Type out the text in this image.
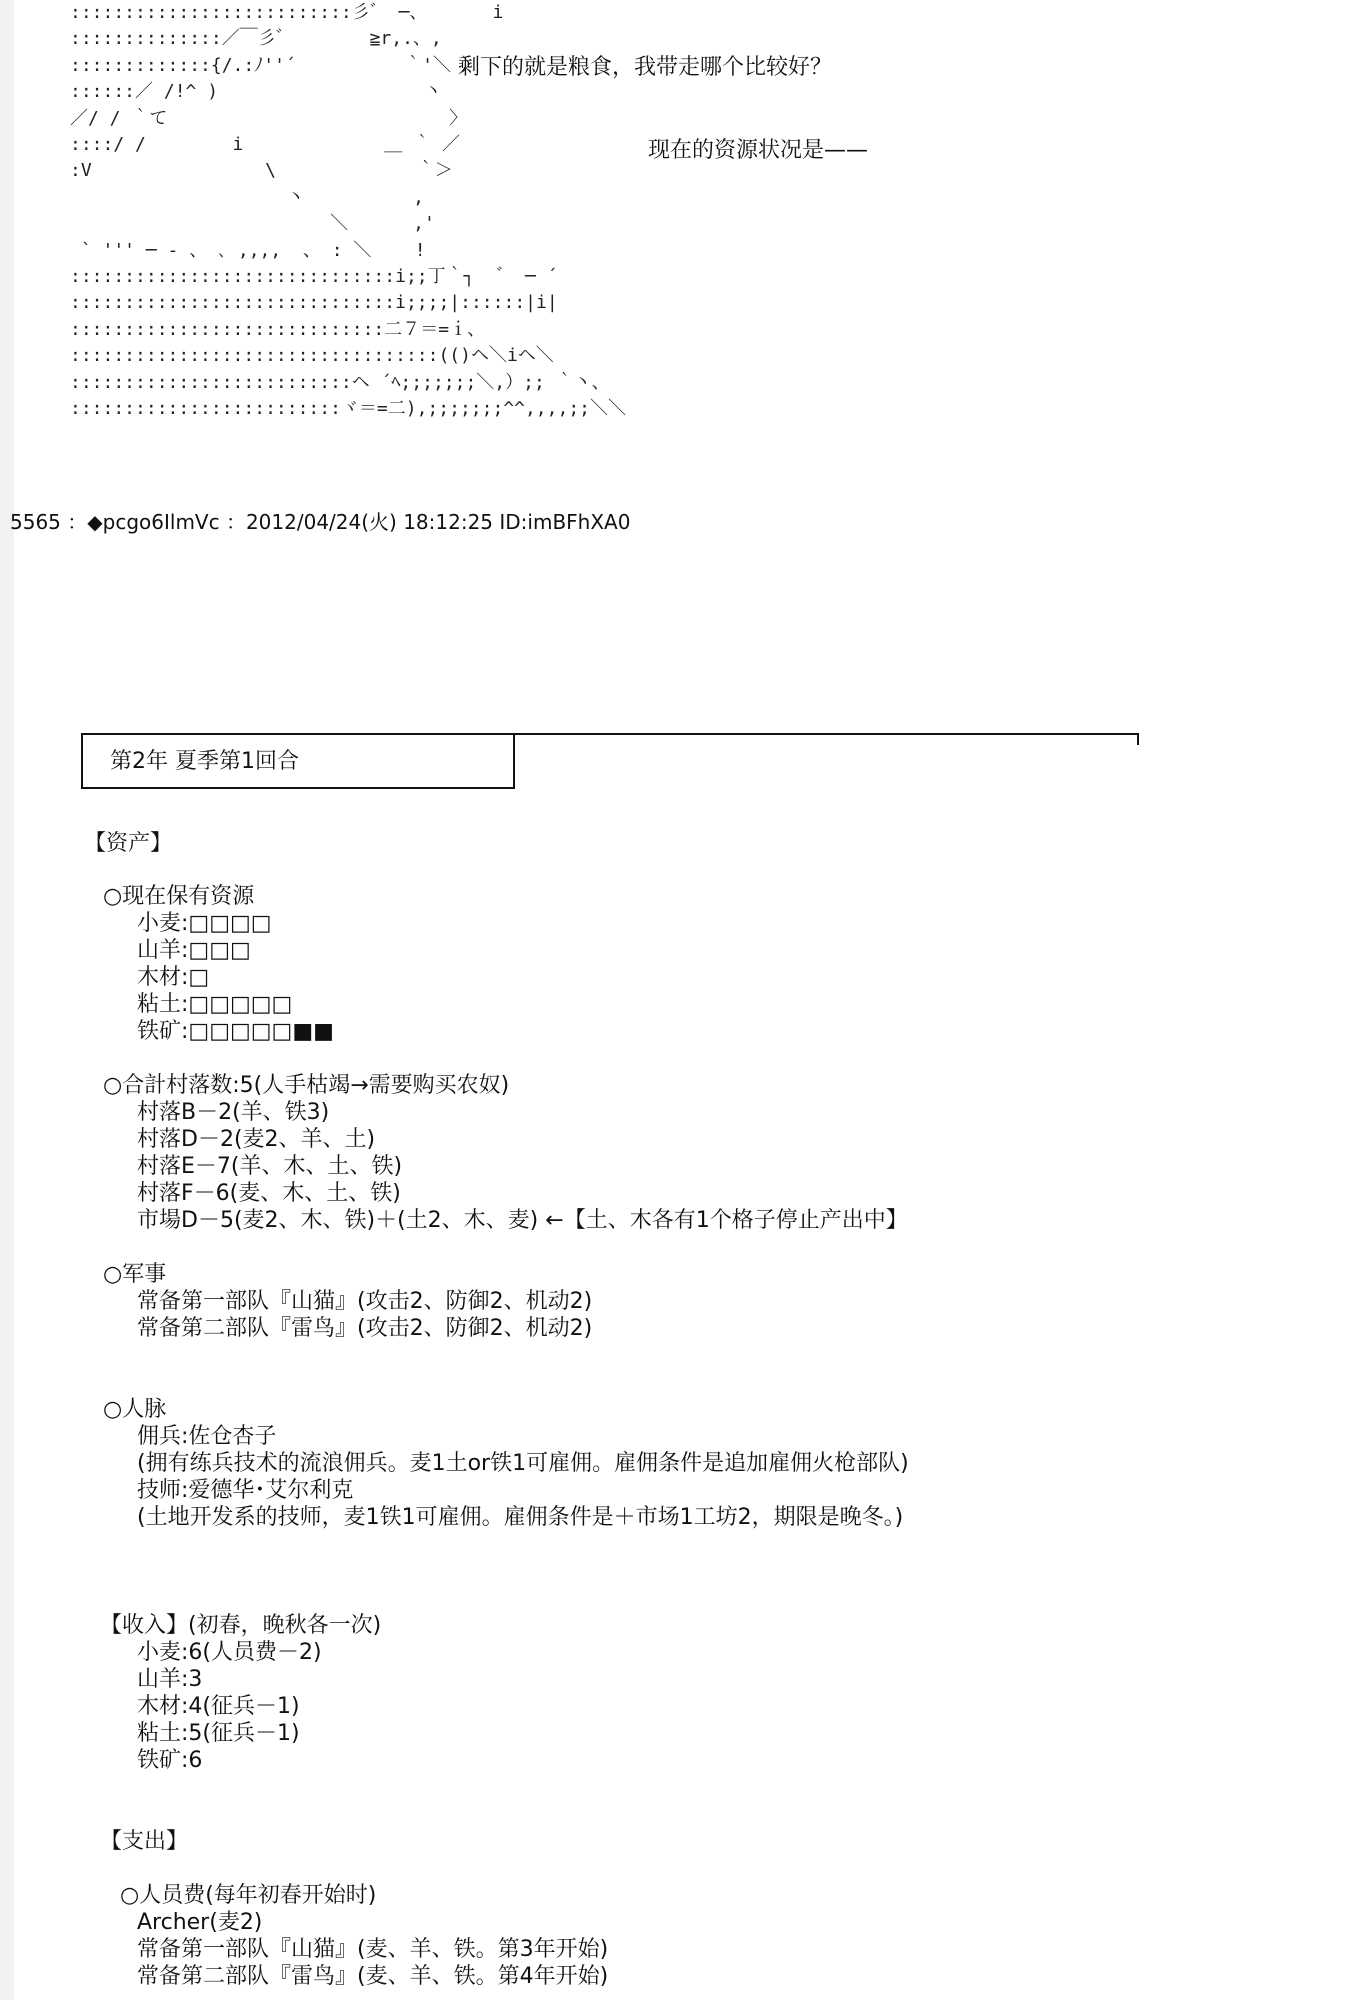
::::::::::::::::::::::::::彡゛ ─、      i
::::::::::::::／￣彡゛       ≧r,.、,
:::::::::::::{/.:ﾉ''´          ｀'＼ 〉
::::::／ /!^ )                   丶
／/ / ｀て                          〉
::::/ /        i             ＿ ｀ ／
:V                \             ｀＞
丶          ,
＼      ,'
` ''' ─ ‐ 、 ､ ,,,,  、 : ＼    !
::::::::::::::::::::::::::::::i;;丁｀┐  ゛ ─ ´
::::::::::::::::::::::::::::::i;;;;|::::::|i|
:::::::::::::::::::::::::::::二７＝=ｉ、
::::::::::::::::::::::::::::::::::(()ヘ＼iヘ＼
::::::::::::::::::::::::::ヘ ´ﾍ;;;;;;;＼,）;; ｀丶、
:::::::::::::::::::::::::ヾ＝=二),;;;;;;;^^,,,,;;＼＼
剩下的就是粮食，我带走哪个比较好？
现在的资源状况是——
5565 ：◆pcgo6IlmVc ：2012/04/24(火) 18:12:25 ID:imBFhXA0
第2年 夏季第1回合
【资产】
○现在保有资源
小麦:□□□□
山羊:□□□
木材:□
粘土:□□□□□
铁矿:□□□□□■■
○合計村落数:5(人手枯竭→需要购买农奴)
村落B－2(羊、铁3)
村落D－2(麦2、羊、土)
村落E－7(羊、木、土、铁)
村落F－6(麦、木、土、铁)
市場D－5(麦2、木、铁)＋(土2、木、麦) ←【土、木各有1个格子停止产出中】
○军事
常备第一部队『山猫』(攻击2、防御2、机动2)
常备第二部队『雷鸟』(攻击2、防御2、机动2)
○人脉
佣兵:佐仓杏子
(拥有练兵技术的流浪佣兵。麦1土or铁1可雇佣。雇佣条件是追加雇佣火枪部队)
技师:爱德华･艾尔利克
(土地开发系的技师，麦1铁1可雇佣。雇佣条件是＋市场1工坊2，期限是晚冬。)
【收入】(初春，晚秋各一次)
小麦:6(人员费－2)
山羊:3
木材:4(征兵－1)
粘土:5(征兵－1)
铁矿:6
【支出】
○人员费(每年初春开始时)
Archer(麦2)
常备第一部队『山猫』(麦、羊、铁。第3年开始)
常备第二部队『雷鸟』(麦、羊、铁。第4年开始)
